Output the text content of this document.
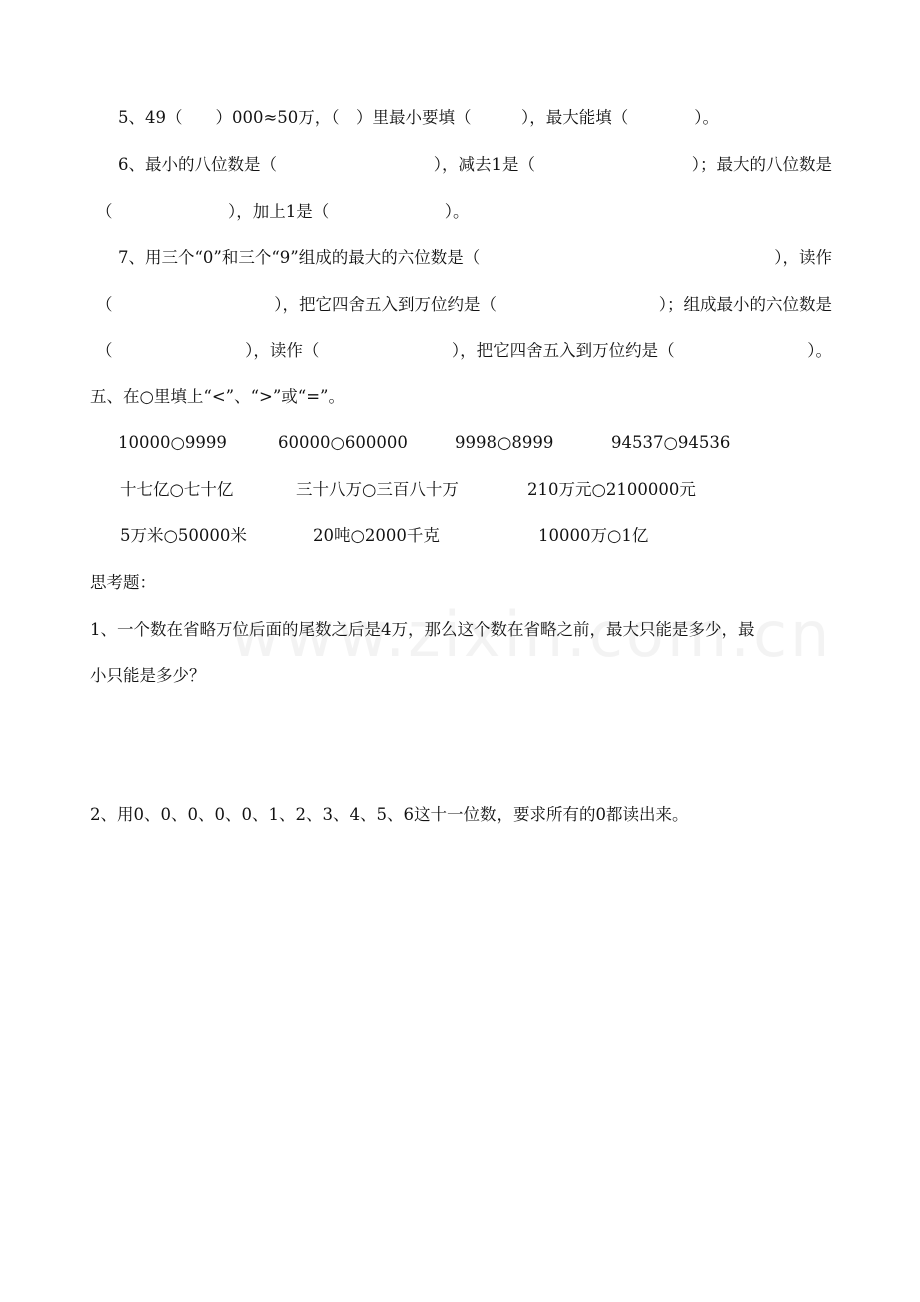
5、49（　　）000≈50万，（　）里最小要填（　　　），最大能填（　　　　）。
6、最小的八位数是（	），减去1是（	）；最大的八位数是
（　　　　　　　），加上1是（　　　　　　　）。
7、用三个“0”和三个“9”组成的最大的六位数是（	），读作
（	），把它四舍五入到万位约是（	）；组成最小的六位数是
（	），读作（	），把它四舍五入到万位约是（	）。
五、在○里填上“<”、“>”或“=”。
10000○9999	60000○600000	9998○8999	94537○94536
十七亿○七十亿	三十八万○三百八十万	210万元○2100000元
5万米○50000米	20吨○2000千克	10000万○1亿
思考题：
1、一个数在省略万位后面的尾数之后是4万，那么这个数在省略之前，最大只能是多少，最
小只能是多少？
2、用0、0、0、0、0、1、2、3、4、5、6这十一位数，要求所有的0都读出来。
